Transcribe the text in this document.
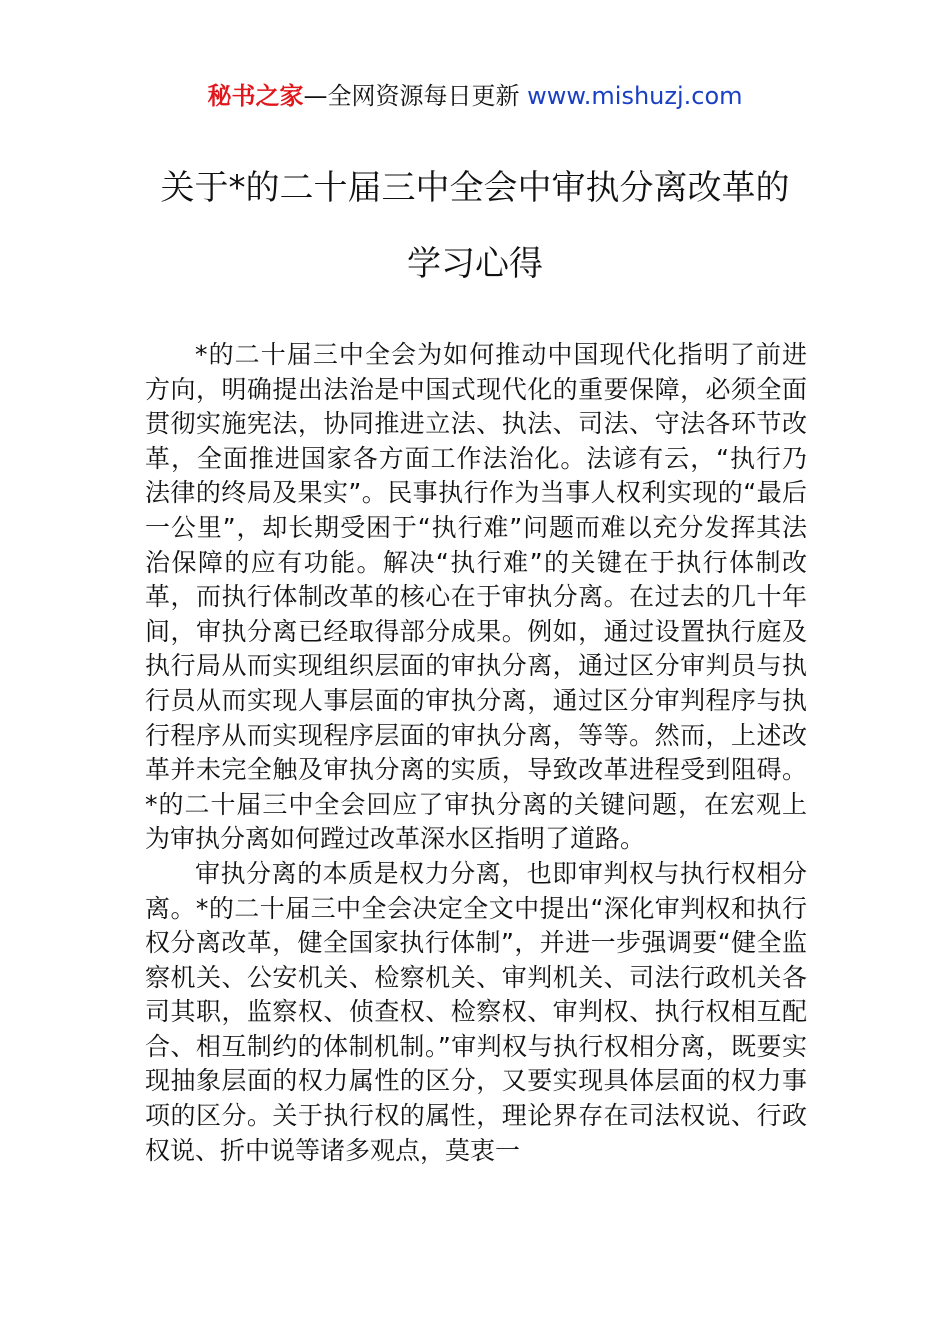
秘书之家—全网资源每日更新 www.mishuzj.com
关于*的二十届三中全会中审执分离改革的
学习心得

*的二十届三中全会为如何推动中国现代化指明了前进方向，明确提出法治是中国式现代化的重要保障，必须全面贯彻实施宪法，协同推进立法、执法、司法、守法各环节改革，全面推进国家各方面工作法治化。法谚有云，“执行乃法律的终局及果实”。民事执行作为当事人权利实现的“最后一公里”，却长期受困于“执行难”问题而难以充分发挥其法治保障的应有功能。解决“执行难”的关键在于执行体制改革，而执行体制改革的核心在于审执分离。在过去的几十年间，审执分离已经取得部分成果。例如，通过设置执行庭及执行局从而实现组织层面的审执分离，通过区分审判员与执行员从而实现人事层面的审执分离，通过区分审判程序与执行程序从而实现程序层面的审执分离，等等。然而，上述改革并未完全触及审执分离的实质，导致改革进程受到阻碍。*的二十届三中全会回应了审执分离的关键问题，在宏观上为审执分离如何蹚过改革深水区指明了道路。

审执分离的本质是权力分离，也即审判权与执行权相分离。*的二十届三中全会决定全文中提出“深化审判权和执行权分离改革，健全国家执行体制”，并进一步强调要“健全监察机关、公安机关、检察机关、审判机关、司法行政机关各司其职，监察权、侦查权、检察权、审判权、执行权相互配合、相互制约的体制机制。”审判权与执行权相分离，既要实现抽象层面的权力属性的区分，又要实现具体层面的权力事项的区分。关于执行权的属性，理论界存在司法权说、行政权说、折中说等诸多观点，莫衷一
